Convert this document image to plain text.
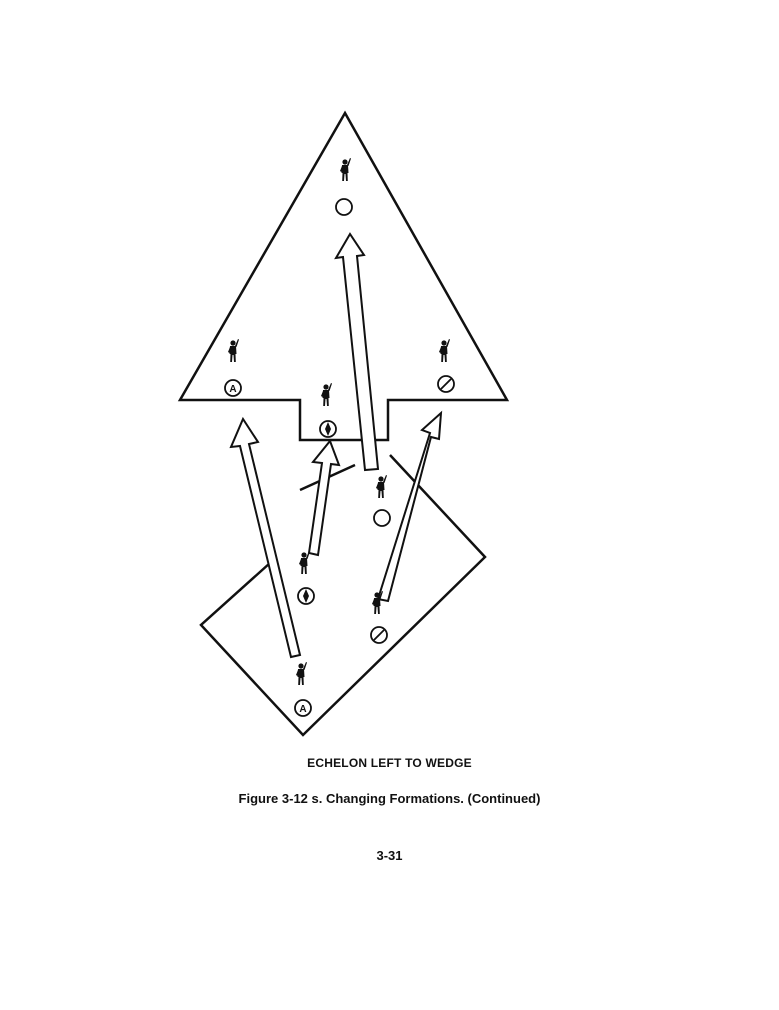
A
A
ECHELON LEFT TO WEDGE
Figure 3-12 s. Changing Formations. (Continued)
3-31
